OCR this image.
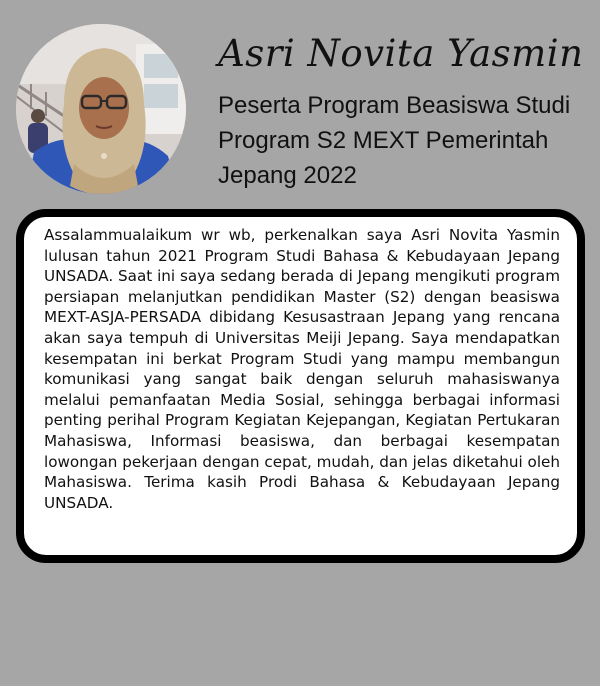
Asri Novita Yasmin

Peserta Program Beasiswa Studi Program S2 MEXT Pemerintah Jepang 2022

Assalammualaikum wr wb, perkenalkan saya Asri Novita Yasmin lulusan tahun 2021 Program Studi Bahasa & Kebudayaan Jepang UNSADA. Saat ini saya sedang berada di Jepang mengikuti program persiapan melanjutkan pendidikan Master (S2) dengan beasiswa MEXT-ASJA-PERSADA dibidang Kesusastraan Jepang yang rencana akan saya tempuh di Universitas Meiji Jepang. Saya mendapatkan kesempatan ini berkat Program Studi yang mampu membangun komunikasi yang sangat baik dengan seluruh mahasiswanya melalui pemanfaatan Media Sosial, sehingga berbagai informasi penting perihal Program Kegiatan Kejepangan, Kegiatan Pertukaran Mahasiswa, Informasi beasiswa, dan berbagai kesempatan lowongan pekerjaan dengan cepat, mudah, dan jelas diketahui oleh Mahasiswa. Terima kasih Prodi Bahasa & Kebudayaan Jepang UNSADA.
